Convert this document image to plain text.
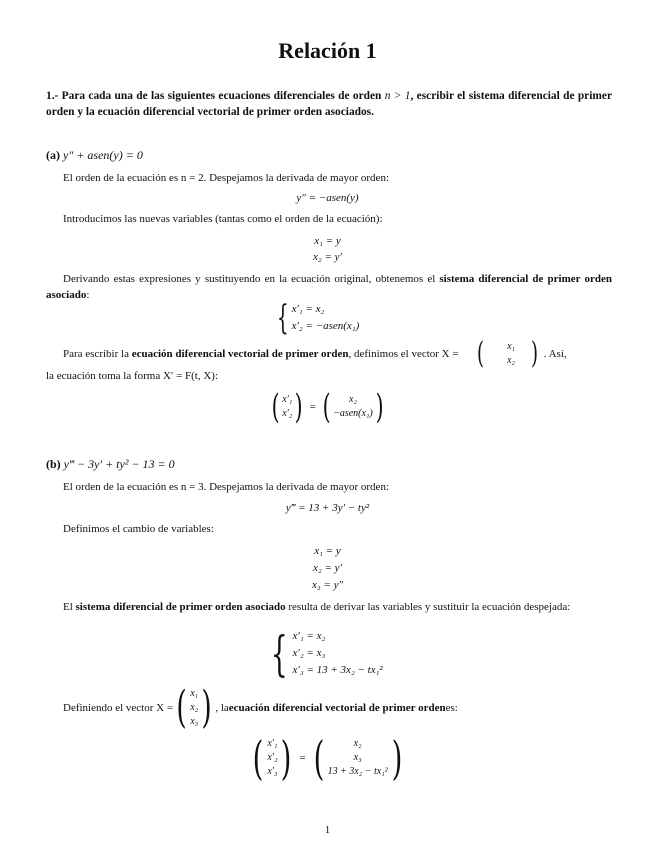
Relación 1
1.- Para cada una de las siguientes ecuaciones diferenciales de orden n > 1, escribir el sistema diferencial de primer orden y la ecuación diferencial vectorial de primer orden asociados.
(a) y″ + asen(y) = 0
El orden de la ecuación es n = 2. Despejamos la derivada de mayor orden:
y″ = −asen(y)
Introducimos las nuevas variables (tantas como el orden de la ecuación):
x₁ = y
x₂ = y′
Derivando estas expresiones y sustituyendo en la ecuación original, obtenemos el sistema diferencial de primer orden asociado:
{ x′₁ = x₂
x′₂ = −asen(x₁)
Para escribir la ecuación diferencial vectorial de primer orden, definimos el vector X = (	x₁
x₂ ) . Así,
la ecuación toma la forma X′ = F(t, X):
( x′₁
x′₂ ) = ( x₂
−asen(x₁) )
(b) y‴ − 3y′ + ty² − 13 = 0
El orden de la ecuación es n = 3. Despejamos la derivada de mayor orden:
y‴ = 13 + 3y′ − ty²
Definimos el cambio de variables:
x₁ = y
x₂ = y′
x₃ = y″
El sistema diferencial de primer orden asociado resulta de derivar las variables y sustituir la ecuación despejada:
{ x′₁ = x₂
x′₂ = x₃
x′₃ = 13 + 3x₂ − tx₁²
Definiendo el vector X = ( x₁
x₂
x₃ ) , la ecuación diferencial vectorial de primer orden es:
( x′₁
x′₂
x′₃ ) = (	x₂
x₃
13 + 3x₂ − tx₁² )
1
